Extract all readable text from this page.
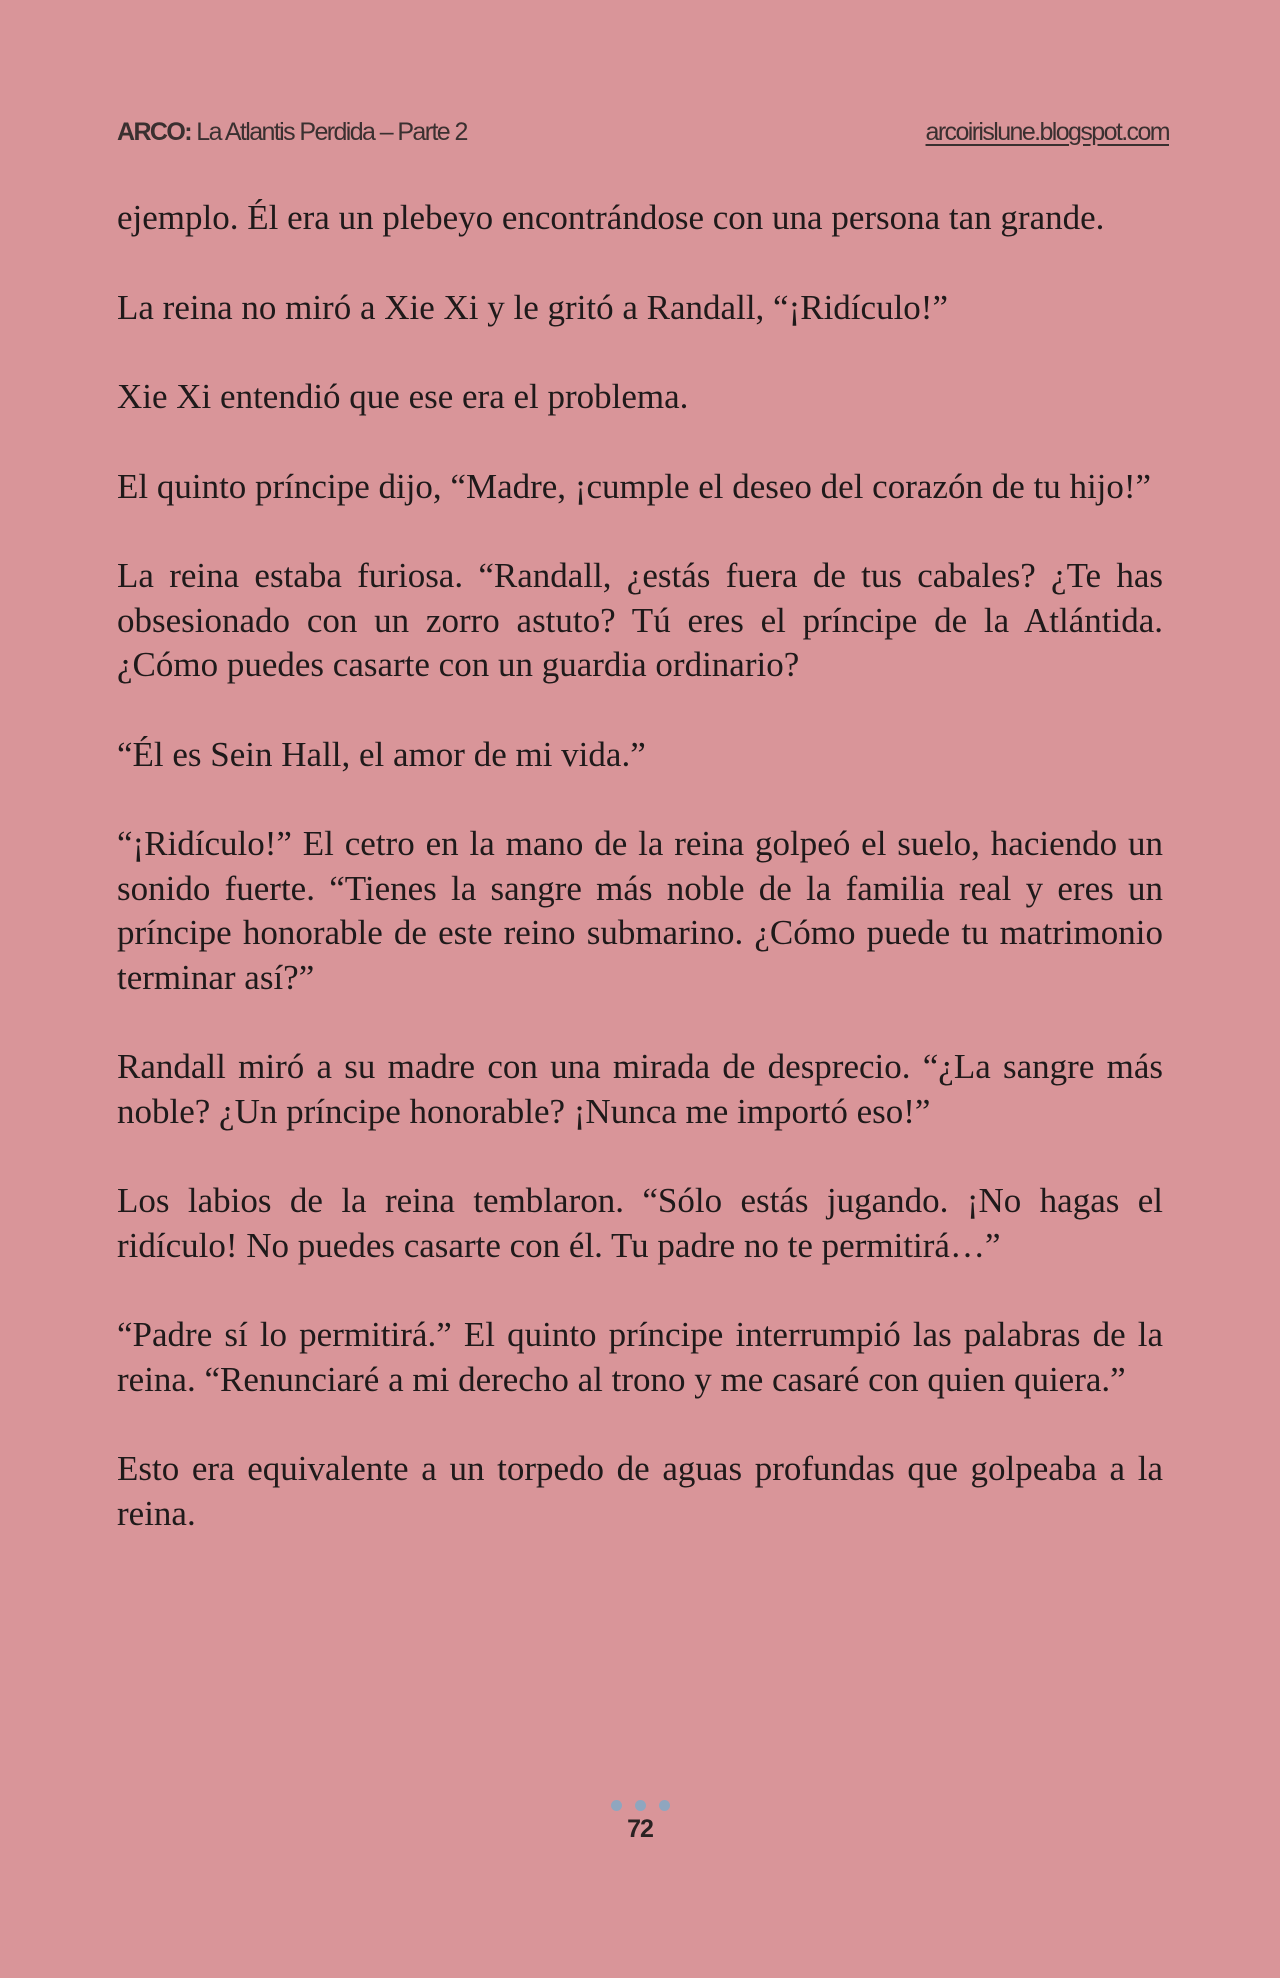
ARCO: La Atlantis Perdida – Parte 2	arcoirislune.blogspot.com

ejemplo. Él era un plebeyo encontrándose con una persona tan grande.

La reina no miró a Xie Xi y le gritó a Randall, “¡Ridículo!”

Xie Xi entendió que ese era el problema.

El quinto príncipe dijo, “Madre, ¡cumple el deseo del corazón de tu hijo!”

La reina estaba furiosa. “Randall, ¿estás fuera de tus cabales? ¿Te has obsesionado con un zorro astuto? Tú eres el príncipe de la Atlántida. ¿Cómo puedes casarte con un guardia ordinario?

“Él es Sein Hall, el amor de mi vida.”

“¡Ridículo!” El cetro en la mano de la reina golpeó el suelo, haciendo un sonido fuerte. “Tienes la sangre más noble de la familia real y eres un príncipe honorable de este reino submarino. ¿Cómo puede tu matrimonio terminar así?”

Randall miró a su madre con una mirada de desprecio. “¿La sangre más noble? ¿Un príncipe honorable? ¡Nunca me importó eso!”

Los labios de la reina temblaron. “Sólo estás jugando. ¡No hagas el ridículo! No puedes casarte con él. Tu padre no te permitirá…”

“Padre sí lo permitirá.” El quinto príncipe interrumpió las palabras de la reina. “Renunciaré a mi derecho al trono y me casaré con quien quiera.”

Esto era equivalente a un torpedo de aguas profundas que golpeaba a la reina.

72
